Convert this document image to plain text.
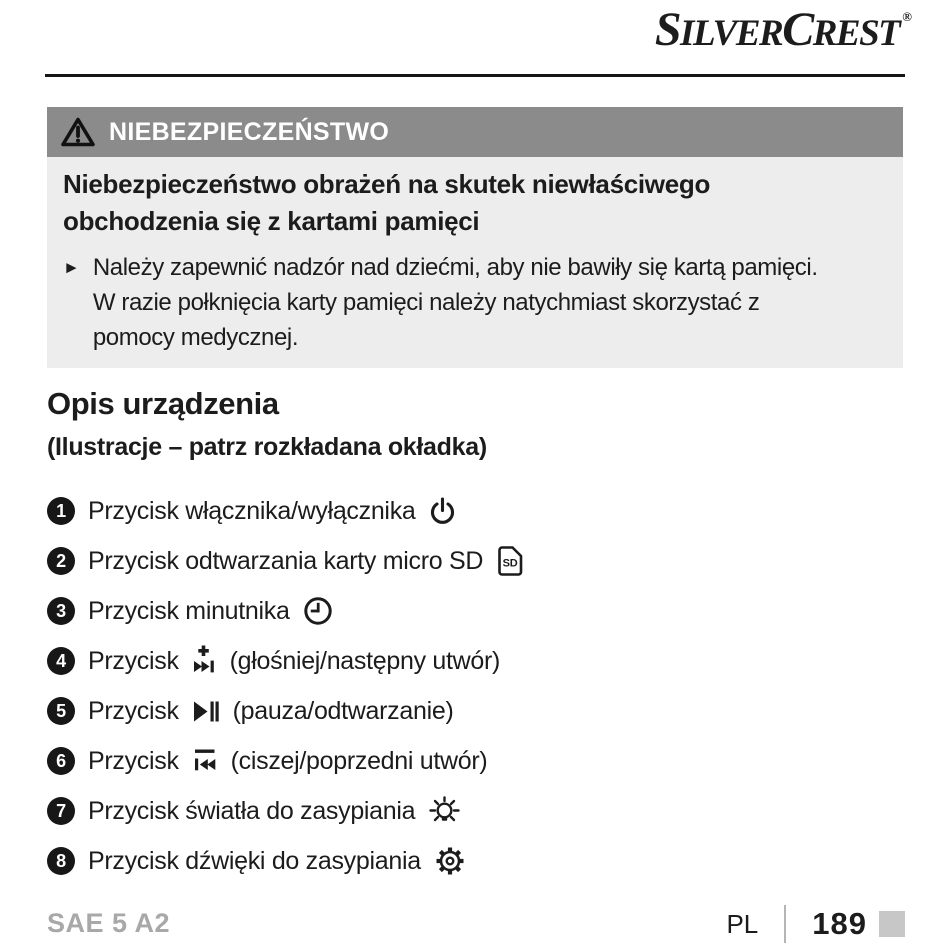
SILVERCREST ®
NIEBEZPIECZEŃSTWO
Niebezpieczeństwo obrażeń na skutek niewłaściwego
obchodzenia się z kartami pamięci
► Należy zapewnić nadzór nad dziećmi, aby nie bawiły się kartą pamięci.
W razie połknięcia karty pamięci należy natychmiast skorzystać z
pomocy medycznej.
Opis urządzenia
(Ilustracje – patrz rozkładana okładka)
1 Przycisk włącznika/wyłącznika
2 Przycisk odtwarzania karty micro SD SD
3 Przycisk minutnika
4 Przycisk (głośniej/następny utwór)
5 Przycisk (pauza/odtwarzanie)
6 Przycisk (ciszej/poprzedni utwór)
7 Przycisk światła do zasypiania
8 Przycisk dźwięki do zasypiania
SAE 5 A2	PL 189
